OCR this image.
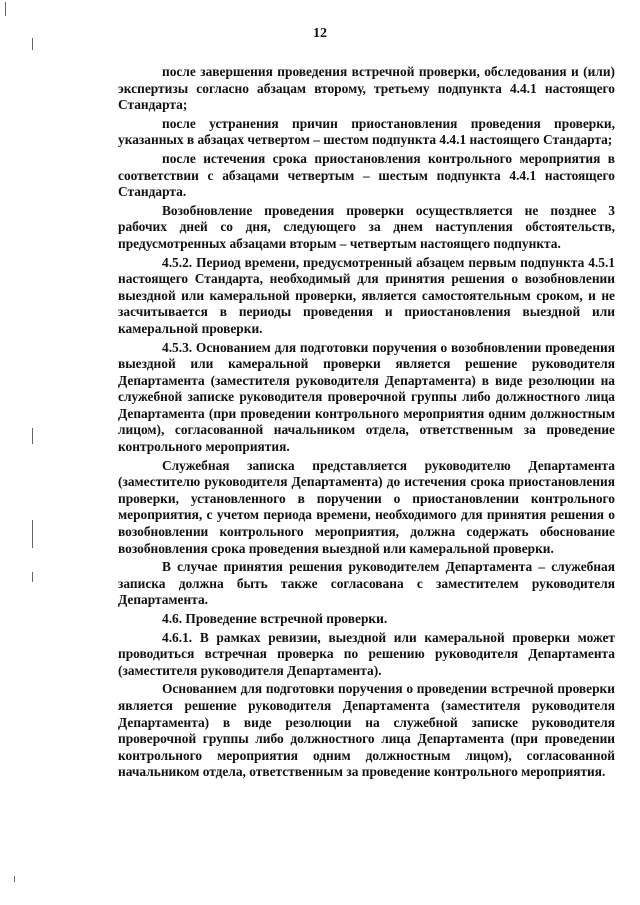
12

после завершения проведения встречной проверки, обследования и (или) экспертизы согласно абзацам второму, третьему подпункта 4.4.1 настоящего Стандарта;

после устранения причин приостановления проведения проверки, указанных в абзацах четвертом – шестом подпункта 4.4.1 настоящего Стандарта;

после истечения срока приостановления контрольного мероприятия в соответствии с абзацами четвертым – шестым подпункта 4.4.1 настоящего Стандарта.

Возобновление проведения проверки осуществляется не позднее 3 рабочих дней со дня, следующего за днем наступления обстоятельств, предусмотренных абзацами вторым – четвертым настоящего подпункта.

4.5.2. Период времени, предусмотренный абзацем первым подпункта 4.5.1 настоящего Стандарта, необходимый для принятия решения о возобновлении выездной или камеральной проверки, является самостоятельным сроком, и не засчитывается в периоды проведения и приостановления выездной или камеральной проверки.

4.5.3. Основанием для подготовки поручения о возобновлении проведения выездной или камеральной проверки является решение руководителя Департамента (заместителя руководителя Департамента) в виде резолюции на служебной записке руководителя проверочной группы либо должностного лица Департамента (при проведении контрольного мероприятия одним должностным лицом), согласованной начальником отдела, ответственным за проведение контрольного мероприятия.

Служебная записка представляется руководителю Департамента (заместителю руководителя Департамента) до истечения срока приостановления проверки, установленного в поручении о приостановлении контрольного мероприятия, с учетом периода времени, необходимого для принятия решения о возобновлении контрольного мероприятия, должна содержать обоснование возобновления срока проведения выездной или камеральной проверки.

В случае принятия решения руководителем Департамента – служебная записка должна быть также согласована с заместителем руководителя Департамента.

4.6. Проведение встречной проверки.

4.6.1. В рамках ревизии, выездной или камеральной проверки может проводиться встречная проверка по решению руководителя Департамента (заместителя руководителя Департамента).

Основанием для подготовки поручения о проведении встречной проверки является решение руководителя Департамента (заместителя руководителя Департамента) в виде резолюции на служебной записке руководителя проверочной группы либо должностного лица Департамента (при проведении контрольного мероприятия одним должностным лицом), согласованной начальником отдела, ответственным за проведение контрольного мероприятия.
